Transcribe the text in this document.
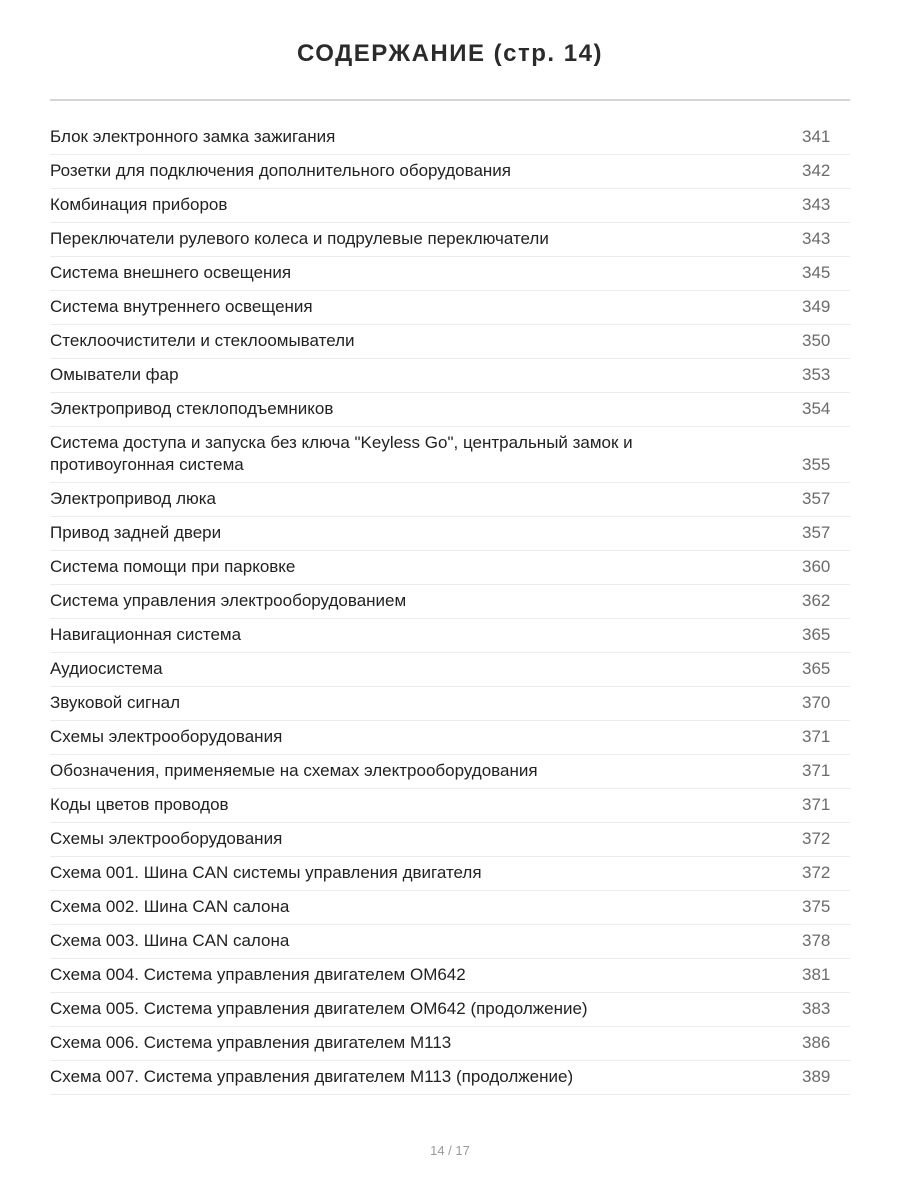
СОДЕРЖАНИЕ (стр. 14)
Блок электронного замка зажигания	341
Розетки для подключения дополнительного оборудования	342
Комбинация приборов	343
Переключатели рулевого колеса и подрулевые переключатели	343
Система внешнего освещения	345
Система внутреннего освещения	349
Стеклоочистители и стеклоомыватели	350
Омыватели фар	353
Электропривод стеклоподъемников	354
Система доступа и запуска без ключа "Keyless Go", центральный замок и противоугонная система	355
Электропривод люка	357
Привод задней двери	357
Система помощи при парковке	360
Система управления электрооборудованием	362
Навигационная система	365
Аудиосистема	365
Звуковой сигнал	370
Схемы электрооборудования	371
Обозначения, применяемые на схемах электрооборудования	371
Коды цветов проводов	371
Схемы электрооборудования	372
Схема 001. Шина CAN системы управления двигателя	372
Схема 002. Шина CAN салона	375
Схема 003. Шина CAN салона	378
Схема 004. Система управления двигателем OM642	381
Схема 005. Система управления двигателем OM642 (продолжение)	383
Схема 006. Система управления двигателем M113	386
Схема 007. Система управления двигателем M113 (продолжение)	389
14 / 17
